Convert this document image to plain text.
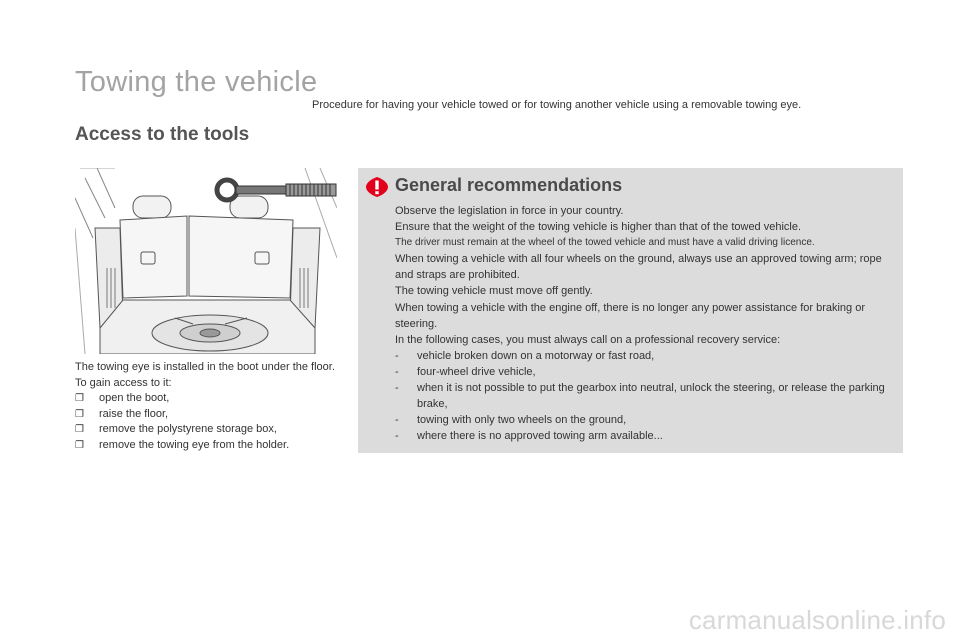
Towing the vehicle

Procedure for having your vehicle towed or for towing another vehicle using a removable towing eye.

Access to the tools

The towing eye is installed in the boot under the floor.

To gain access to it:

❐ open the boot,
❐ raise the floor,
❐ remove the polystyrene storage box,
❐ remove the towing eye from the holder.
General recommendations

Observe the legislation in force in your country.

Ensure that the weight of the towing vehicle is higher than that of the towed vehicle.

The driver must remain at the wheel of the towed vehicle and must have a valid driving licence.

When towing a vehicle with all four wheels on the ground, always use an approved towing arm; rope and straps are prohibited.

The towing vehicle must move off gently.

When towing a vehicle with the engine off, there is no longer any power assistance for braking or steering.

In the following cases, you must always call on a professional recovery service:

- vehicle broken down on a motorway or fast road,
- four-wheel drive vehicle,
- when it is not possible to put the gearbox into neutral, unlock the steering, or release the parking brake,
- towing with only two wheels on the ground,
- where there is no approved towing arm available...

carmanualsonline.info
